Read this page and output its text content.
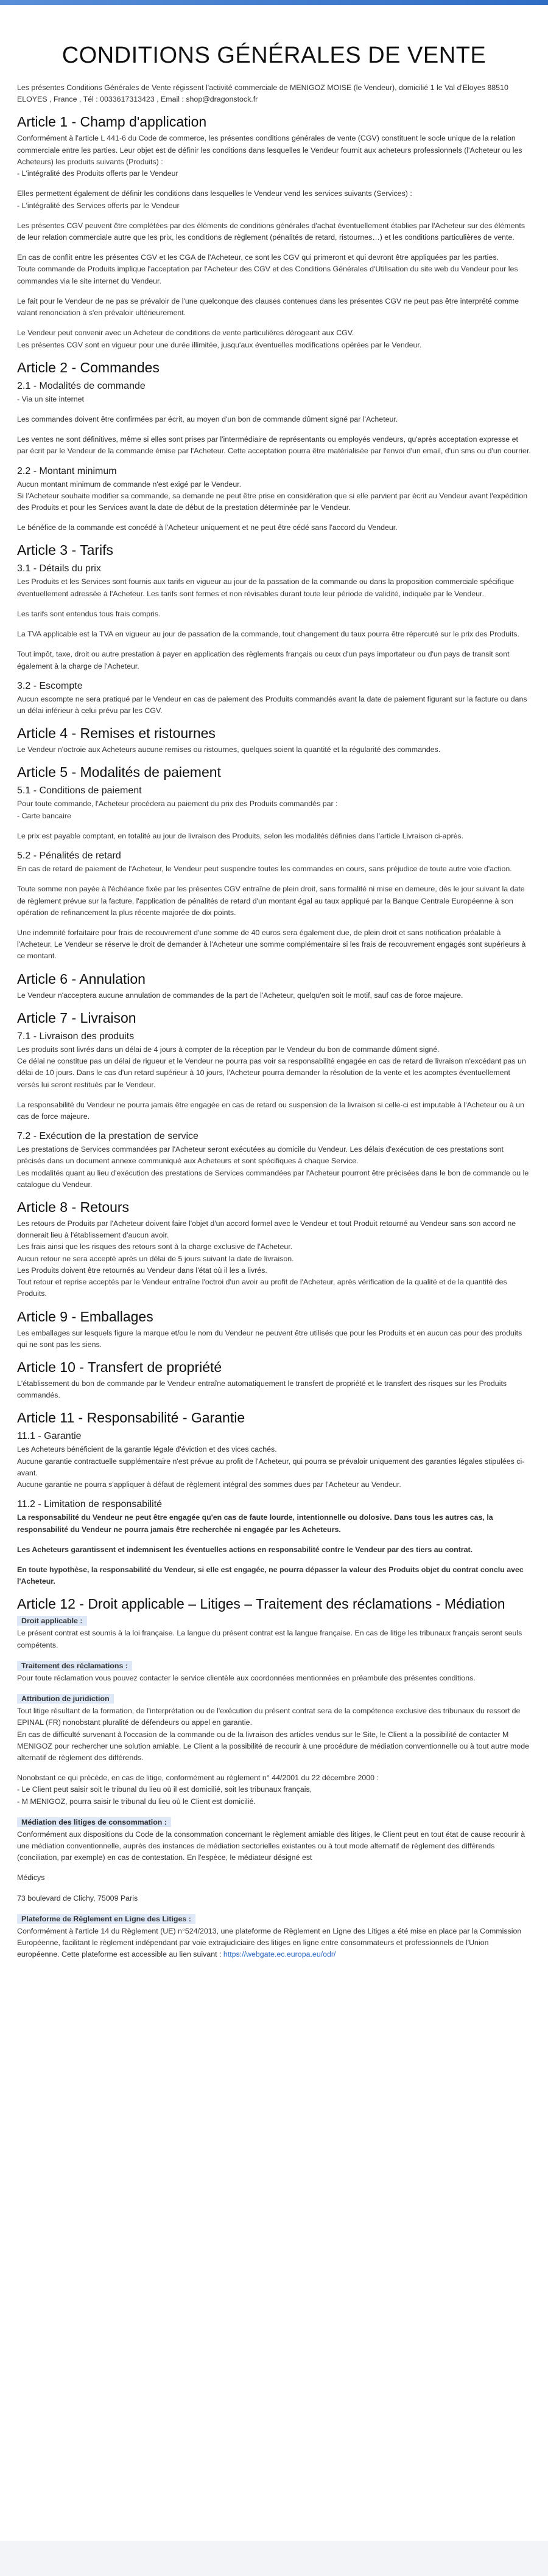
CONDITIONS GÉNÉRALES DE VENTE

Les présentes Conditions Générales de Vente régissent l'activité commerciale de MENIGOZ MOISE (le Vendeur), domicilié 1 le Val d'Eloyes 88510 ELOYES , France , Tél : 0033617313423 , Email : shop@dragonstock.fr

Article 1 - Champ d'application

Conformément à l'article L 441-6 du Code de commerce, les présentes conditions générales de vente (CGV) constituent le socle unique de la relation commerciale entre les parties. Leur objet est de définir les conditions dans lesquelles le Vendeur fournit aux acheteurs professionnels (l'Acheteur ou les Acheteurs) les produits suivants (Produits) :
- L'intégralité des Produits offerts par le Vendeur

Elles permettent également de définir les conditions dans lesquelles le Vendeur vend les services suivants (Services) :
- L'intégralité des Services offerts par le Vendeur

Les présentes CGV peuvent être complétées par des éléments de conditions générales d'achat éventuellement établies par l'Acheteur sur des éléments de leur relation commerciale autre que les prix, les conditions de règlement (pénalités de retard, ristournes…) et les conditions particulières de vente.

En cas de conflit entre les présentes CGV et les CGA de l'Acheteur, ce sont les CGV qui primeront et qui devront être appliquées par les parties.
Toute commande de Produits implique l'acceptation par l'Acheteur des CGV et des Conditions Générales d'Utilisation du site web du Vendeur pour les commandes via le site internet du Vendeur.

Le fait pour le Vendeur de ne pas se prévaloir de l'une quelconque des clauses contenues dans les présentes CGV ne peut pas être interprété comme valant renonciation à s'en prévaloir ultérieurement.

Le Vendeur peut convenir avec un Acheteur de conditions de vente particulières dérogeant aux CGV.
Les présentes CGV sont en vigueur pour une durée illimitée, jusqu'aux éventuelles modifications opérées par le Vendeur.

Article 2 - Commandes
2.1 - Modalités de commande

- Via un site internet

Les commandes doivent être confirmées par écrit, au moyen d'un bon de commande dûment signé par l'Acheteur.

Les ventes ne sont définitives, même si elles sont prises par l'intermédiaire de représentants ou employés vendeurs, qu'après acceptation expresse et par écrit par le Vendeur de la commande émise par l'Acheteur. Cette acceptation pourra être matérialisée par l'envoi d'un email, d'un sms ou d'un courrier.

2.2 - Montant minimum

Aucun montant minimum de commande n'est exigé par le Vendeur.
Si l'Acheteur souhaite modifier sa commande, sa demande ne peut être prise en considération que si elle parvient par écrit au Vendeur avant l'expédition des Produits et pour les Services avant la date de début de la prestation déterminée par le Vendeur.

Le bénéfice de la commande est concédé à l'Acheteur uniquement et ne peut être cédé sans l'accord du Vendeur.

Article 3 - Tarifs
3.1 - Détails du prix

Les Produits et les Services sont fournis aux tarifs en vigueur au jour de la passation de la commande ou dans la proposition commerciale spécifique éventuellement adressée à l'Acheteur. Les tarifs sont fermes et non révisables durant toute leur période de validité, indiquée par le Vendeur.

Les tarifs sont entendus tous frais compris.

La TVA applicable est la TVA en vigueur au jour de passation de la commande, tout changement du taux pourra être répercuté sur le prix des Produits.

Tout impôt, taxe, droit ou autre prestation à payer en application des règlements français ou ceux d'un pays importateur ou d'un pays de transit sont également à la charge de l'Acheteur.

3.2 - Escompte

Aucun escompte ne sera pratiqué par le Vendeur en cas de paiement des Produits commandés avant la date de paiement figurant sur la facture ou dans un délai inférieur à celui prévu par les CGV.

Article 4 - Remises et ristournes

Le Vendeur n'octroie aux Acheteurs aucune remises ou ristournes, quelques soient la quantité et la régularité des commandes.

Article 5 - Modalités de paiement
5.1 - Conditions de paiement

Pour toute commande, l'Acheteur procédera au paiement du prix des Produits commandés par :
- Carte bancaire

Le prix est payable comptant, en totalité au jour de livraison des Produits, selon les modalités définies dans l'article Livraison ci-après.

5.2 - Pénalités de retard

En cas de retard de paiement de l'Acheteur, le Vendeur peut suspendre toutes les commandes en cours, sans préjudice de toute autre voie d'action.

Toute somme non payée à l'échéance fixée par les présentes CGV entraîne de plein droit, sans formalité ni mise en demeure, dès le jour suivant la date de règlement prévue sur la facture, l'application de pénalités de retard d'un montant égal au taux appliqué par la Banque Centrale Européenne à son opération de refinancement la plus récente majorée de dix points.

Une indemnité forfaitaire pour frais de recouvrement d'une somme de 40 euros sera également due, de plein droit et sans notification préalable à l'Acheteur. Le Vendeur se réserve le droit de demander à l'Acheteur une somme complémentaire si les frais de recouvrement engagés sont supérieurs à ce montant.

Article 6 - Annulation

Le Vendeur n'acceptera aucune annulation de commandes de la part de l'Acheteur, quelqu'en soit le motif, sauf cas de force majeure.

Article 7 - Livraison
7.1 - Livraison des produits

Les produits sont livrés dans un délai de 4 jours à compter de la réception par le Vendeur du bon de commande dûment signé.
Ce délai ne constitue pas un délai de rigueur et le Vendeur ne pourra pas voir sa responsabilité engagée en cas de retard de livraison n'excédant pas un délai de 10 jours. Dans le cas d'un retard supérieur à 10 jours, l'Acheteur pourra demander la résolution de la vente et les acomptes éventuellement versés lui seront restitués par le Vendeur.

La responsabilité du Vendeur ne pourra jamais être engagée en cas de retard ou suspension de la livraison si celle-ci est imputable à l'Acheteur ou à un cas de force majeure.

7.2 - Exécution de la prestation de service

Les prestations de Services commandées par l'Acheteur seront exécutées au domicile du Vendeur. Les délais d'exécution de ces prestations sont précisés dans un document annexe communiqué aux Acheteurs et sont spécifiques à chaque Service.
Les modalités quant au lieu d'exécution des prestations de Services commandées par l'Acheteur pourront être précisées dans le bon de commande ou le catalogue du Vendeur.

Article 8 - Retours

Les retours de Produits par l'Acheteur doivent faire l'objet d'un accord formel avec le Vendeur et tout Produit retourné au Vendeur sans son accord ne donnerait lieu à l'établissement d'aucun avoir.
Les frais ainsi que les risques des retours sont à la charge exclusive de l'Acheteur.
Aucun retour ne sera accepté après un délai de 5 jours suivant la date de livraison.
Les Produits doivent être retournés au Vendeur dans l'état où il les a livrés.
Tout retour et reprise acceptés par le Vendeur entraîne l'octroi d'un avoir au profit de l'Acheteur, après vérification de la qualité et de la quantité des Produits.

Article 9 - Emballages

Les emballages sur lesquels figure la marque et/ou le nom du Vendeur ne peuvent être utilisés que pour les Produits et en aucun cas pour des produits qui ne sont pas les siens.

Article 10 - Transfert de propriété

L'établissement du bon de commande par le Vendeur entraîne automatiquement le transfert de propriété et le transfert des risques sur les Produits commandés.

Article 11 - Responsabilité - Garantie
11.1 - Garantie

Les Acheteurs bénéficient de la garantie légale d'éviction et des vices cachés.
Aucune garantie contractuelle supplémentaire n'est prévue au profit de l'Acheteur, qui pourra se prévaloir uniquement des garanties légales stipulées ci-avant.
Aucune garantie ne pourra s'appliquer à défaut de règlement intégral des sommes dues par l'Acheteur au Vendeur.

11.2 - Limitation de responsabilité

La responsabilité du Vendeur ne peut être engagée qu'en cas de faute lourde, intentionnelle ou dolosive. Dans tous les autres cas, la responsabilité du Vendeur ne pourra jamais être recherchée ni engagée par les Acheteurs.

Les Acheteurs garantissent et indemnisent les éventuelles actions en responsabilité contre le Vendeur par des tiers au contrat.

En toute hypothèse, la responsabilité du Vendeur, si elle est engagée, ne pourra dépasser la valeur des Produits objet du contrat conclu avec l'Acheteur.

Article 12 - Droit applicable – Litiges – Traitement des réclamations - Médiation
Droit applicable :

Le présent contrat est soumis à la loi française. La langue du présent contrat est la langue française. En cas de litige les tribunaux français seront seuls compétents.

Traitement des réclamations :

Pour toute réclamation vous pouvez contacter le service clientèle aux coordonnées mentionnées en préambule des présentes conditions.

Attribution de juridiction

Tout litige résultant de la formation, de l'interprétation ou de l'exécution du présent contrat sera de la compétence exclusive des tribunaux du ressort de EPINAL (FR) nonobstant pluralité de défendeurs ou appel en garantie.
En cas de difficulté survenant à l'occasion de la commande ou de la livraison des articles vendus sur le Site, le Client a la possibilité de contacter M MENIGOZ pour rechercher une solution amiable. Le Client a la possibilité de recourir à une procédure de médiation conventionnelle ou à tout autre mode alternatif de règlement des différends.

Nonobstant ce qui précède, en cas de litige, conformément au règlement n° 44/2001 du 22 décembre 2000 :
- Le Client peut saisir soit le tribunal du lieu où il est domicilié, soit les tribunaux français,
- M MENIGOZ, pourra saisir le tribunal du lieu où le Client est domicilié.

Médiation des litiges de consommation :

Conformément aux dispositions du Code de la consommation concernant le règlement amiable des litiges, le Client peut en tout état de cause recourir à une médiation conventionnelle, auprès des instances de médiation sectorielles existantes ou à tout mode alternatif de règlement des différends (conciliation, par exemple) en cas de contestation. En l'espèce, le médiateur désigné est

Médicys

73 boulevard de Clichy, 75009 Paris

Plateforme de Règlement en Ligne des Litiges :

Conformément à l'article 14 du Règlement (UE) n°524/2013, une plateforme de Règlement en Ligne des Litiges a été mise en place par la Commission Européenne, facilitant le règlement indépendant par voie extrajudiciaire des litiges en ligne entre consommateurs et professionnels de l'Union européenne. Cette plateforme est accessible au lien suivant : https://webgate.ec.europa.eu/odr/
